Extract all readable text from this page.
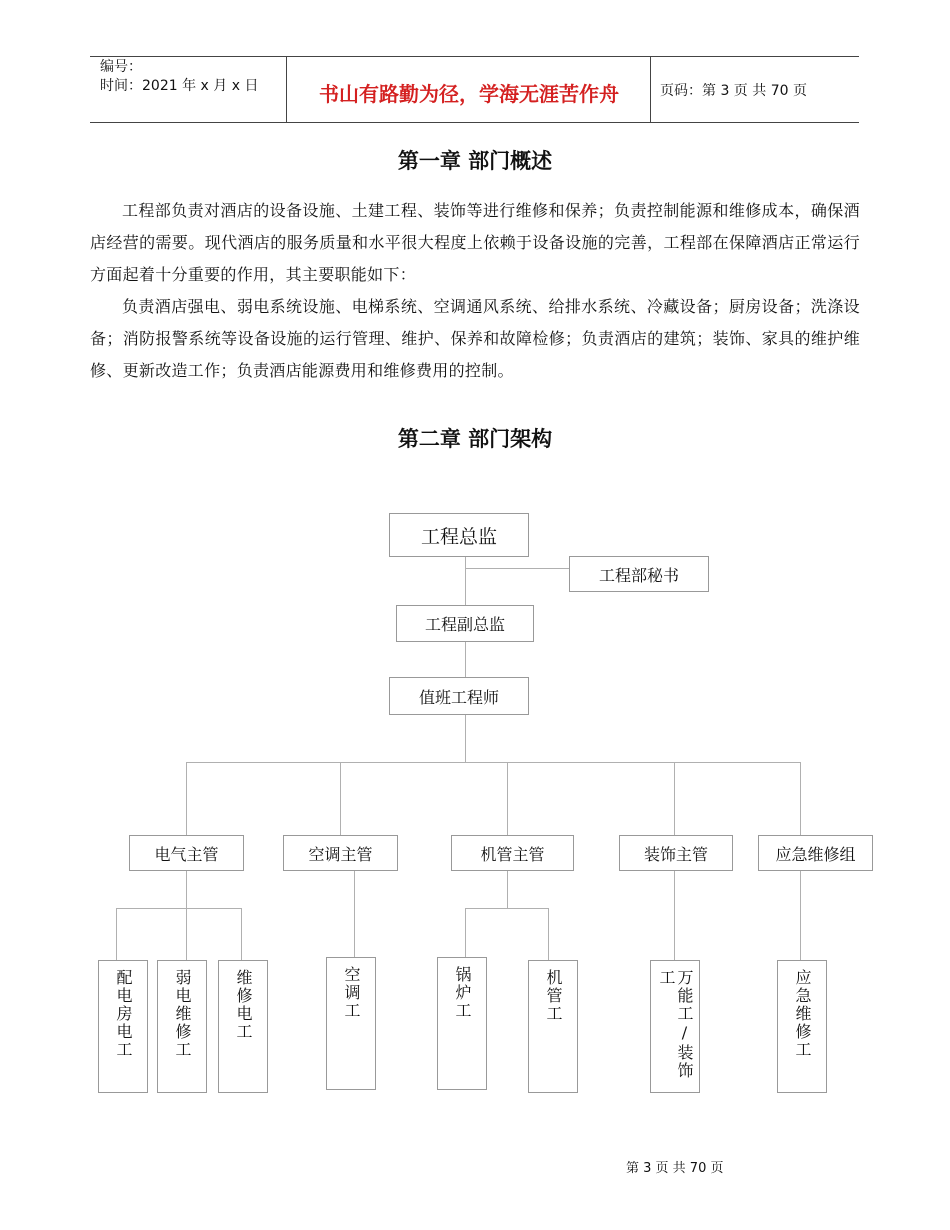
编号：
时间：2021 年 x 月 x 日	书山有路勤为径，学海无涯苦作舟	页码：第 3 页 共 70 页
第一章 部门概述

工程部负责对酒店的设备设施、土建工程、装饰等进行维修和保养；负责控制能源和维修成本，确保酒店经营的需要。现代酒店的服务质量和水平很大程度上依赖于设备设施的完善，工程部在保障酒店正常运行方面起着十分重要的作用，其主要职能如下：

负责酒店强电、弱电系统设施、电梯系统、空调通风系统、给排水系统、冷藏设备；厨房设备；洗涤设备；消防报警系统等设备设施的运行管理、维护、保养和故障检修；负责酒店的建筑；装饰、家具的维护维修、更新改造工作；负责酒店能源费用和维修费用的控制。

第二章 部门架构
工程总监
工程部秘书
工程副总监
值班工程师
电气主管	空调主管	机管主管	装饰主管	应急维修组
配电房电工	弱电维修工	维修电工	空调工	锅炉工	机管工	万能工/装饰工	应急维修工
第 3 页 共 70 页
